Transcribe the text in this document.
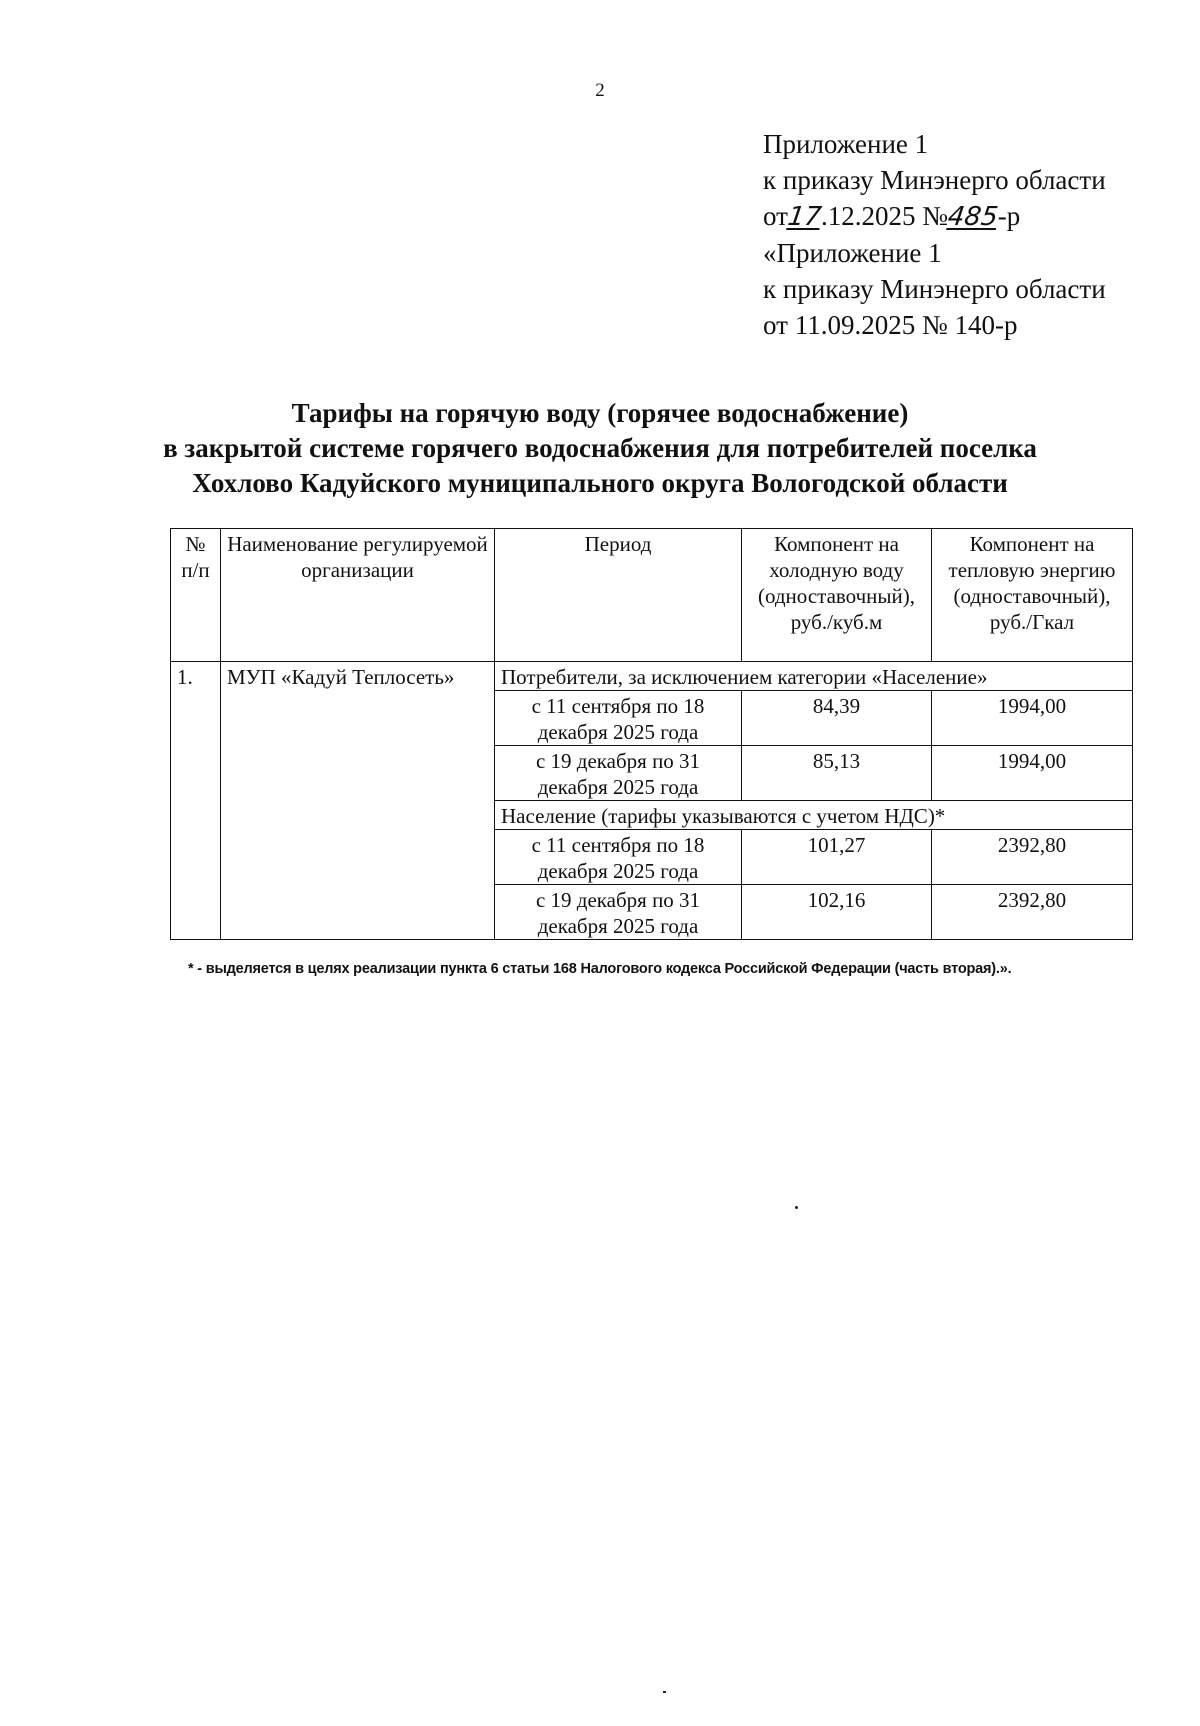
2
Приложение 1
к приказу Минэнерго области
от17.12.2025 №485-р
«Приложение 1
к приказу Минэнерго области
от 11.09.2025 № 140-р
Тарифы на горячую воду (горячее водоснабжение)
в закрытой системе горячего водоснабжения для потребителей поселка
Хохлово Кадуйского муниципального округа Вологодской области
№ п/п	Наименование регулируемой организации	Период	Компонент на холодную воду (одноставочный), руб./куб.м	Компонент на тепловую энергию (одноставочный), руб./Гкал
1.	МУП «Кадуй Теплосеть»	Потребители, за исключением категории «Население»		
		с 11 сентября по 18 декабря 2025 года	84,39	1994,00
		с 19 декабря по 31 декабря 2025 года	85,13	1994,00
		Население (тарифы указываются с учетом НДС)*		
		с 11 сентября по 18 декабря 2025 года	101,27	2392,80
		с 19 декабря по 31 декабря 2025 года	102,16	2392,80
* - выделяется в целях реализации пункта 6 статьи 168 Налогового кодекса Российской Федерации (часть вторая).».
